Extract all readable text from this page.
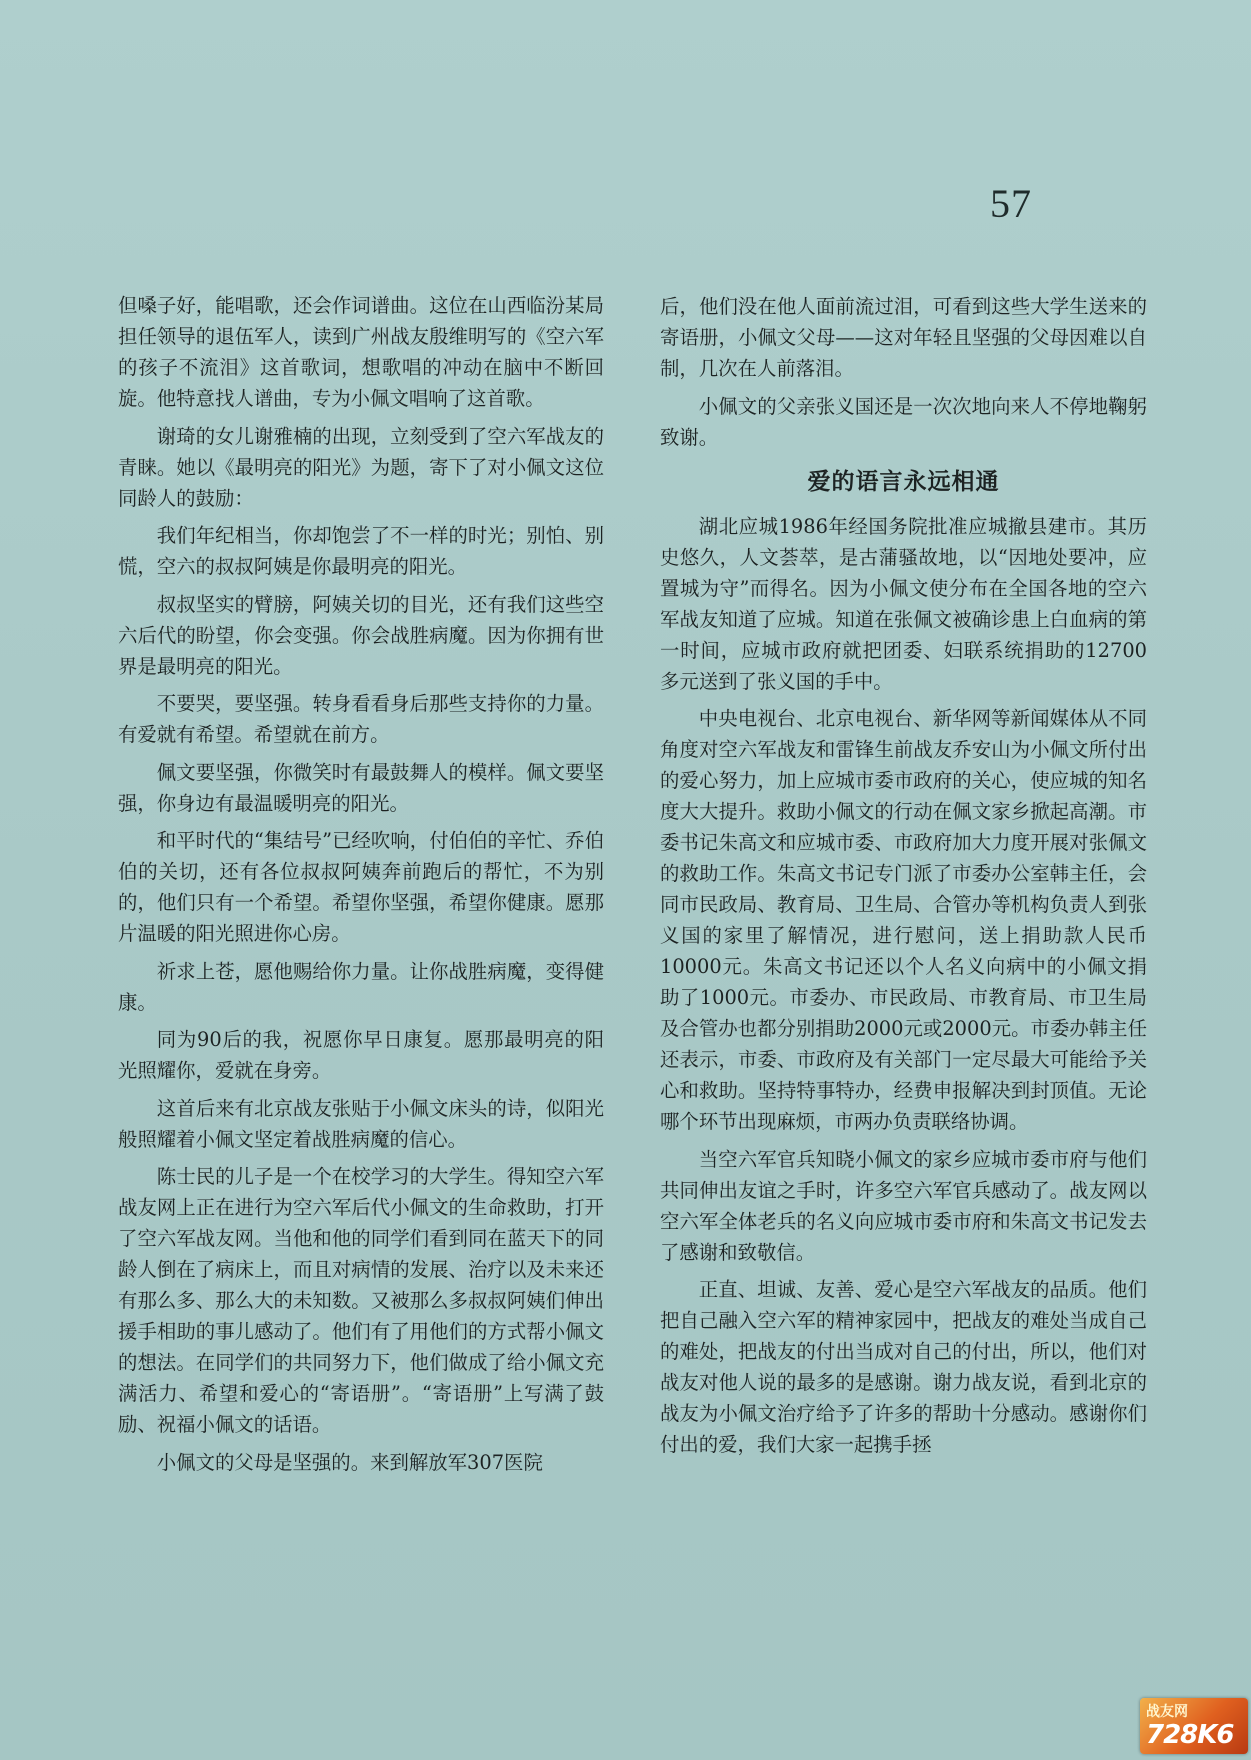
57

但嗓子好，能唱歌，还会作词谱曲。这位在山西临汾某局担任领导的退伍军人，读到广州战友殷维明写的《空六军的孩子不流泪》这首歌词，想歌唱的冲动在脑中不断回旋。他特意找人谱曲，专为小佩文唱响了这首歌。

谢琦的女儿谢雅楠的出现，立刻受到了空六军战友的青睐。她以《最明亮的阳光》为题，寄下了对小佩文这位同龄人的鼓励：

我们年纪相当，你却饱尝了不一样的时光；别怕、别慌，空六的叔叔阿姨是你最明亮的阳光。

叔叔坚实的臂膀，阿姨关切的目光，还有我们这些空六后代的盼望，你会变强。你会战胜病魔。因为你拥有世界是最明亮的阳光。

不要哭，要坚强。转身看看身后那些支持你的力量。有爱就有希望。希望就在前方。

佩文要坚强，你微笑时有最鼓舞人的模样。佩文要坚强，你身边有最温暖明亮的阳光。

和平时代的“集结号”已经吹响，付伯伯的辛忙、乔伯伯的关切，还有各位叔叔阿姨奔前跑后的帮忙，不为别的，他们只有一个希望。希望你坚强，希望你健康。愿那片温暖的阳光照进你心房。

祈求上苍，愿他赐给你力量。让你战胜病魔，变得健康。

同为90后的我，祝愿你早日康复。愿那最明亮的阳光照耀你，爱就在身旁。

这首后来有北京战友张贴于小佩文床头的诗，似阳光般照耀着小佩文坚定着战胜病魔的信心。

陈士民的儿子是一个在校学习的大学生。得知空六军战友网上正在进行为空六军后代小佩文的生命救助，打开了空六军战友网。当他和他的同学们看到同在蓝天下的同龄人倒在了病床上，而且对病情的发展、治疗以及未来还有那么多、那么大的未知数。又被那么多叔叔阿姨们伸出援手相助的事儿感动了。他们有了用他们的方式帮小佩文的想法。在同学们的共同努力下，他们做成了给小佩文充满活力、希望和爱心的“寄语册”。“寄语册”上写满了鼓励、祝福小佩文的话语。

小佩文的父母是坚强的。来到解放军307医院

后，他们没在他人面前流过泪，可看到这些大学生送来的寄语册，小佩文父母——这对年轻且坚强的父母因难以自制，几次在人前落泪。

小佩文的父亲张义国还是一次次地向来人不停地鞠躬致谢。

爱的语言永远相通

湖北应城1986年经国务院批准应城撤县建市。其历史悠久，人文荟萃，是古蒲骚故地，以“因地处要冲，应置城为守”而得名。因为小佩文使分布在全国各地的空六军战友知道了应城。知道在张佩文被确诊患上白血病的第一时间，应城市政府就把团委、妇联系统捐助的12700多元送到了张义国的手中。

中央电视台、北京电视台、新华网等新闻媒体从不同角度对空六军战友和雷锋生前战友乔安山为小佩文所付出的爱心努力，加上应城市委市政府的关心，使应城的知名度大大提升。救助小佩文的行动在佩文家乡掀起高潮。市委书记朱高文和应城市委、市政府加大力度开展对张佩文的救助工作。朱高文书记专门派了市委办公室韩主任，会同市民政局、教育局、卫生局、合管办等机构负责人到张义国的家里了解情况，进行慰问，送上捐助款人民币10000元。朱高文书记还以个人名义向病中的小佩文捐助了1000元。市委办、市民政局、市教育局、市卫生局及合管办也都分别捐助2000元或2000元。市委办韩主任还表示，市委、市政府及有关部门一定尽最大可能给予关心和救助。坚持特事特办，经费申报解决到封顶值。无论哪个环节出现麻烦，市两办负责联络协调。

当空六军官兵知晓小佩文的家乡应城市委市府与他们共同伸出友谊之手时，许多空六军官兵感动了。战友网以空六军全体老兵的名义向应城市委市府和朱高文书记发去了感谢和致敬信。

正直、坦诚、友善、爱心是空六军战友的品质。他们把自己融入空六军的精神家园中，把战友的难处当成自己的难处，把战友的付出当成对自己的付出，所以，他们对战友对他人说的最多的是感谢。谢力战友说，看到北京的战友为小佩文治疗给予了许多的帮助十分感动。感谢你们付出的爱，我们大家一起携手拯

战友网
728K6
